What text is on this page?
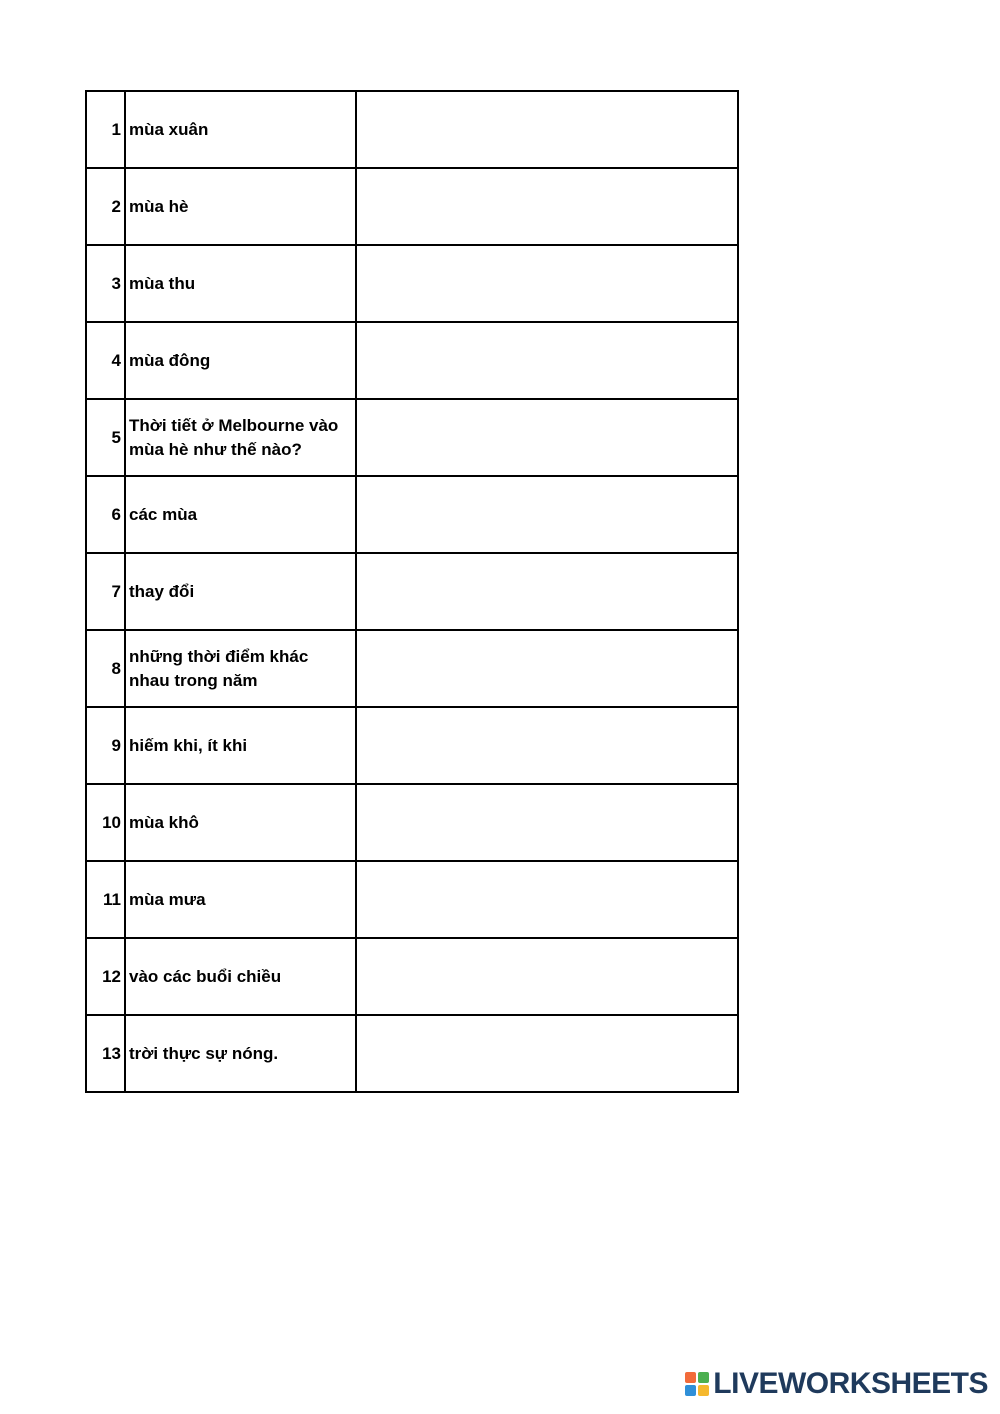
1	mùa xuân	
2	mùa hè	
3	mùa thu	
4	mùa đông	
5	Thời tiết ở Melbourne vào mùa hè như thế nào?	
6	các mùa	
7	thay đổi	
8	những thời điểm khác nhau trong năm	
9	hiếm khi, ít khi	
10	mùa khô	
11	mùa mưa	
12	vào các buổi chiều	
13	trời thực sự nóng.	
LIVEWORKSHEETS
